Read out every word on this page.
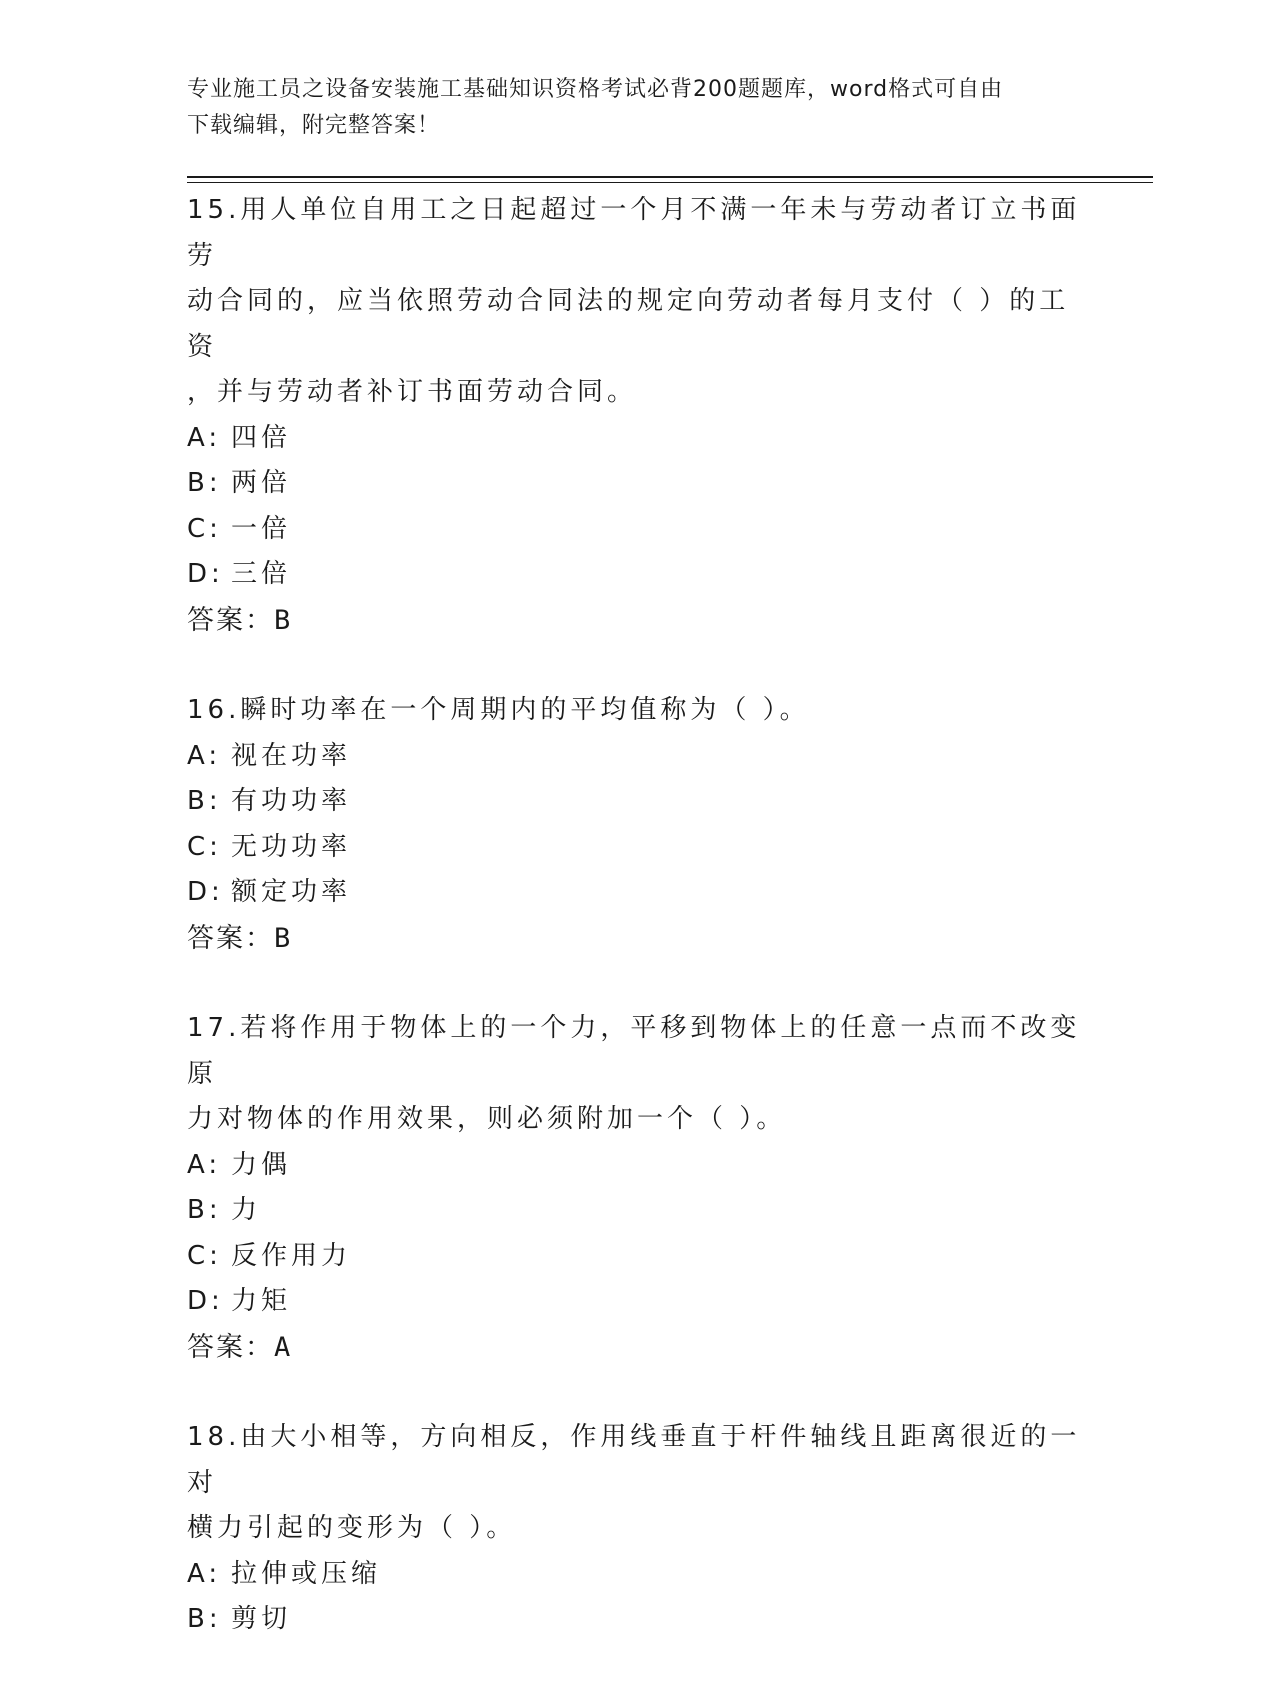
专业施工员之设备安装施工基础知识资格考试必背200题题库，word格式可自由
下载编辑，附完整答案！

15.用人单位自用工之日起超过一个月不满一年未与劳动者订立书面劳

动合同的，应当依照劳动合同法的规定向劳动者每月支付（ ）的工资

，并与劳动者补订书面劳动合同。

A: 四倍

B: 两倍

C: 一倍

D: 三倍

答案：B

16.瞬时功率在一个周期内的平均值称为（ ）。

A: 视在功率

B: 有功功率

C: 无功功率

D: 额定功率

答案：B

17.若将作用于物体上的一个力，平移到物体上的任意一点而不改变原

力对物体的作用效果，则必须附加一个（ ）。

A: 力偶

B: 力

C: 反作用力

D: 力矩

答案：A

18.由大小相等，方向相反，作用线垂直于杆件轴线且距离很近的一对

横力引起的变形为（ ）。

A: 拉伸或压缩

B: 剪切
